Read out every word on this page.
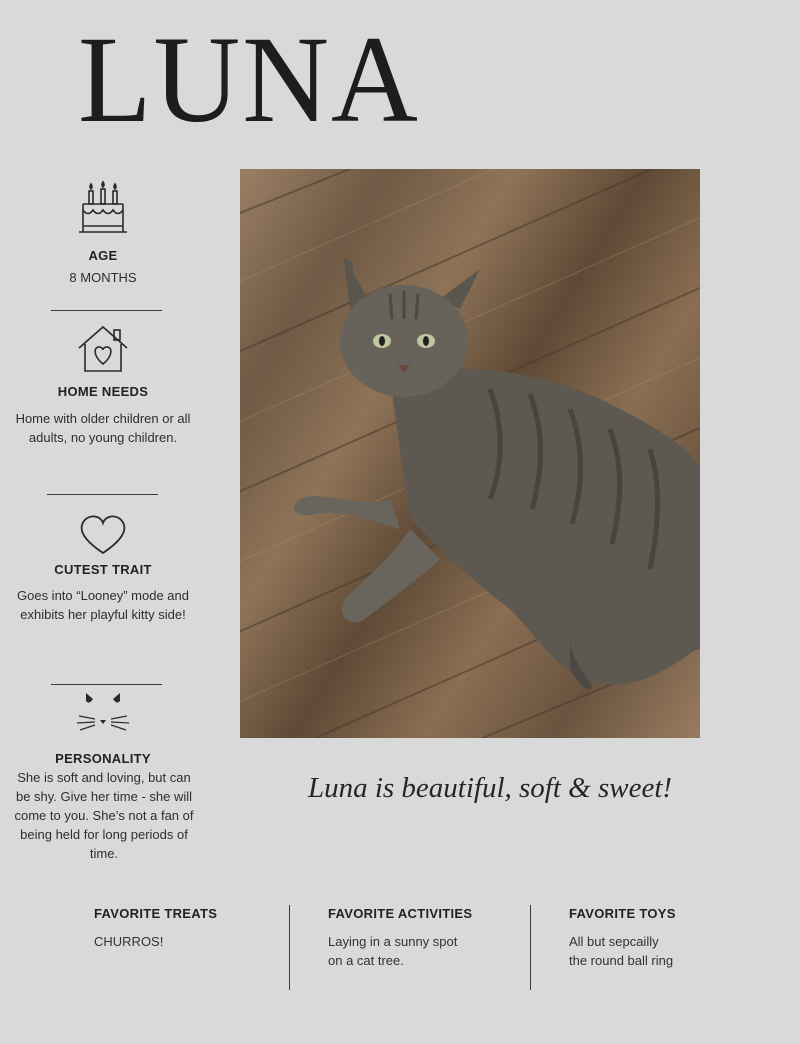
LUNA
AGE
8 MONTHS
HOME NEEDS
Home with older children or all adults, no young children.
CUTEST TRAIT
Goes into “Looney” mode and exhibits her playful kitty side!
PERSONALITY
She is soft and loving, but can be shy. Give her time - she will come to you. She’s not a fan of being held for long periods of time.
Luna is beautiful, soft & sweet!
FAVORITE TREATS
CHURROS!
FAVORITE ACTIVITIES
Laying in a sunny spot on a cat tree.
FAVORITE TOYS
All but sepcailly the round ball ring
